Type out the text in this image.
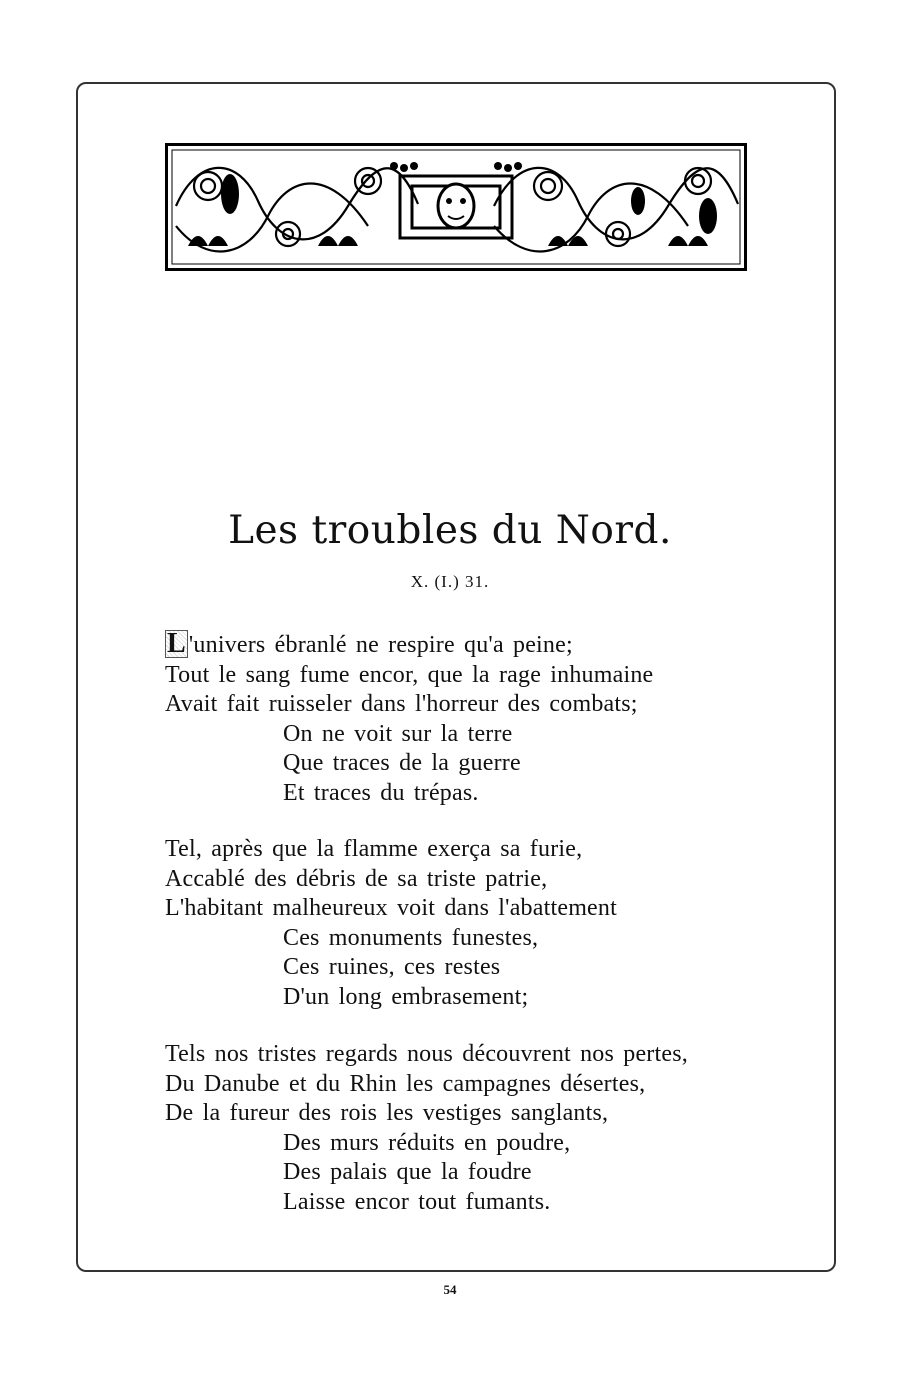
Les troubles du Nord.
X. (I.) 31.
L 'univers ébranlé ne respire qu'a peine;
Tout le sang fume encor, que la rage inhumaine
Avait fait ruisseler dans l'horreur des combats;
On ne voit sur la terre
Que traces de la guerre
Et traces du trépas.
Tel, après que la flamme exerça sa furie,
Accablé des débris de sa triste patrie,
L'habitant malheureux voit dans l'abattement
Ces monuments funestes,
Ces ruines, ces restes
D'un long embrasement;
Tels nos tristes regards nous découvrent nos pertes,
Du Danube et du Rhin les campagnes désertes,
De la fureur des rois les vestiges sanglants,
Des murs réduits en poudre,
Des palais que la foudre
Laisse encor tout fumants.
54
